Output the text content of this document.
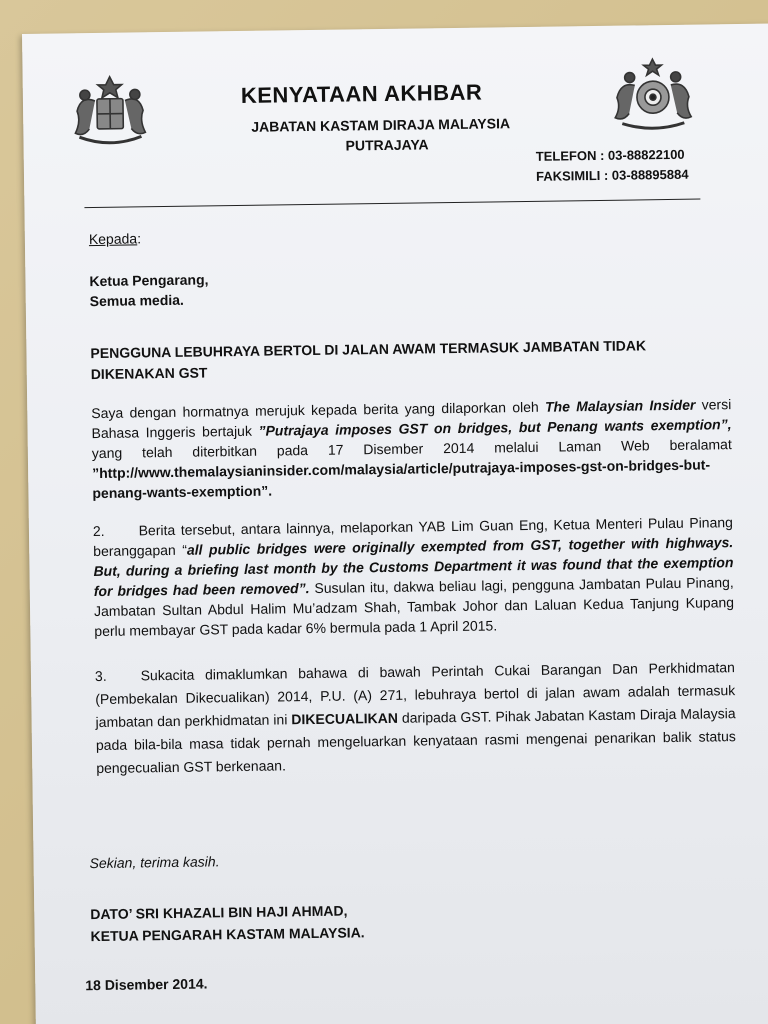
KENYATAAN AKHBAR
JABATAN KASTAM DIRAJA MALAYSIA
PUTRAJAYA
TELEFON : 03-88822100
FAKSIMILI : 03-88895884
Kepada:
Ketua Pengarang,
Semua media.
PENGGUNA LEBUHRAYA BERTOL DI JALAN AWAM TERMASUK JAMBATAN TIDAK DIKENAKAN GST
Saya dengan hormatnya merujuk kepada berita yang dilaporkan oleh The Malaysian Insider versi Bahasa Inggeris bertajuk ”Putrajaya imposes GST on bridges, but Penang wants exemption”, yang telah diterbitkan pada 17 Disember 2014 melalui Laman Web beralamat ”http://www.themalaysianinsider.com/malaysia/article/putrajaya-imposes-gst-on-bridges-but-penang-wants-exemption”.
2. Berita tersebut, antara lainnya, melaporkan YAB Lim Guan Eng, Ketua Menteri Pulau Pinang beranggapan “all public bridges were originally exempted from GST, together with highways. But, during a briefing last month by the Customs Department it was found that the exemption for bridges had been removed”. Susulan itu, dakwa beliau lagi, pengguna Jambatan Pulau Pinang, Jambatan Sultan Abdul Halim Mu’adzam Shah, Tambak Johor dan Laluan Kedua Tanjung Kupang perlu membayar GST pada kadar 6% bermula pada 1 April 2015.
3. Sukacita dimaklumkan bahawa di bawah Perintah Cukai Barangan Dan Perkhidmatan (Pembekalan Dikecualikan) 2014, P.U. (A) 271, lebuhraya bertol di jalan awam adalah termasuk jambatan dan perkhidmatan ini DIKECUALIKAN daripada GST. Pihak Jabatan Kastam Diraja Malaysia pada bila-bila masa tidak pernah mengeluarkan kenyataan rasmi mengenai penarikan balik status pengecualian GST berkenaan.
Sekian, terima kasih.
DATO’ SRI KHAZALI BIN HAJI AHMAD,
KETUA PENGARAH KASTAM MALAYSIA.
18 Disember 2014.
